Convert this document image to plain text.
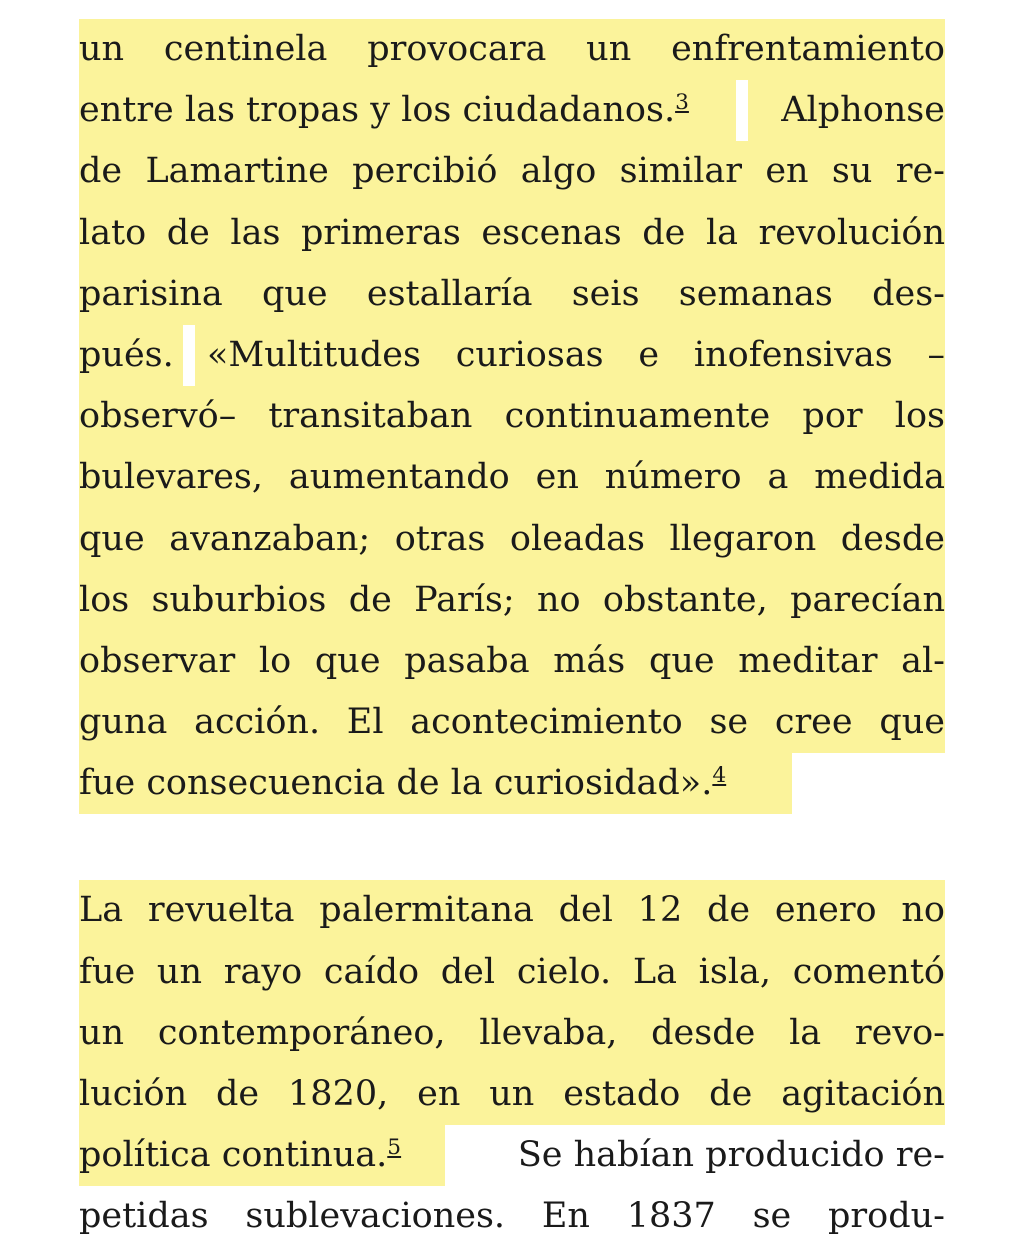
un centinela provocara un enfrentamiento
entre las tropas y los ciudadanos.$^3$	Alphonse
de Lamartine percibió algo similar en su re-
lato de las primeras escenas de la revolución
parisina que estallaría seis semanas des-
pués. «Multitudes curiosas e inofensivas –
observó– transitaban continuamente por los
bulevares, aumentando en número a medida
que avanzaban; otras oleadas llegaron desde
los suburbios de París; no obstante, parecían
observar lo que pasaba más que meditar al-
guna acción. El acontecimiento se cree que
fue consecuencia de la curiosidad».$^4$
La revuelta palermitana del 12 de enero no
fue un rayo caído del cielo. La isla, comentó
un contemporáneo, llevaba, desde la revo-
lución de 1820, en un estado de agitación
política continua.$^5$	Se habían producido re-
petidas sublevaciones. En 1837 se produ-
